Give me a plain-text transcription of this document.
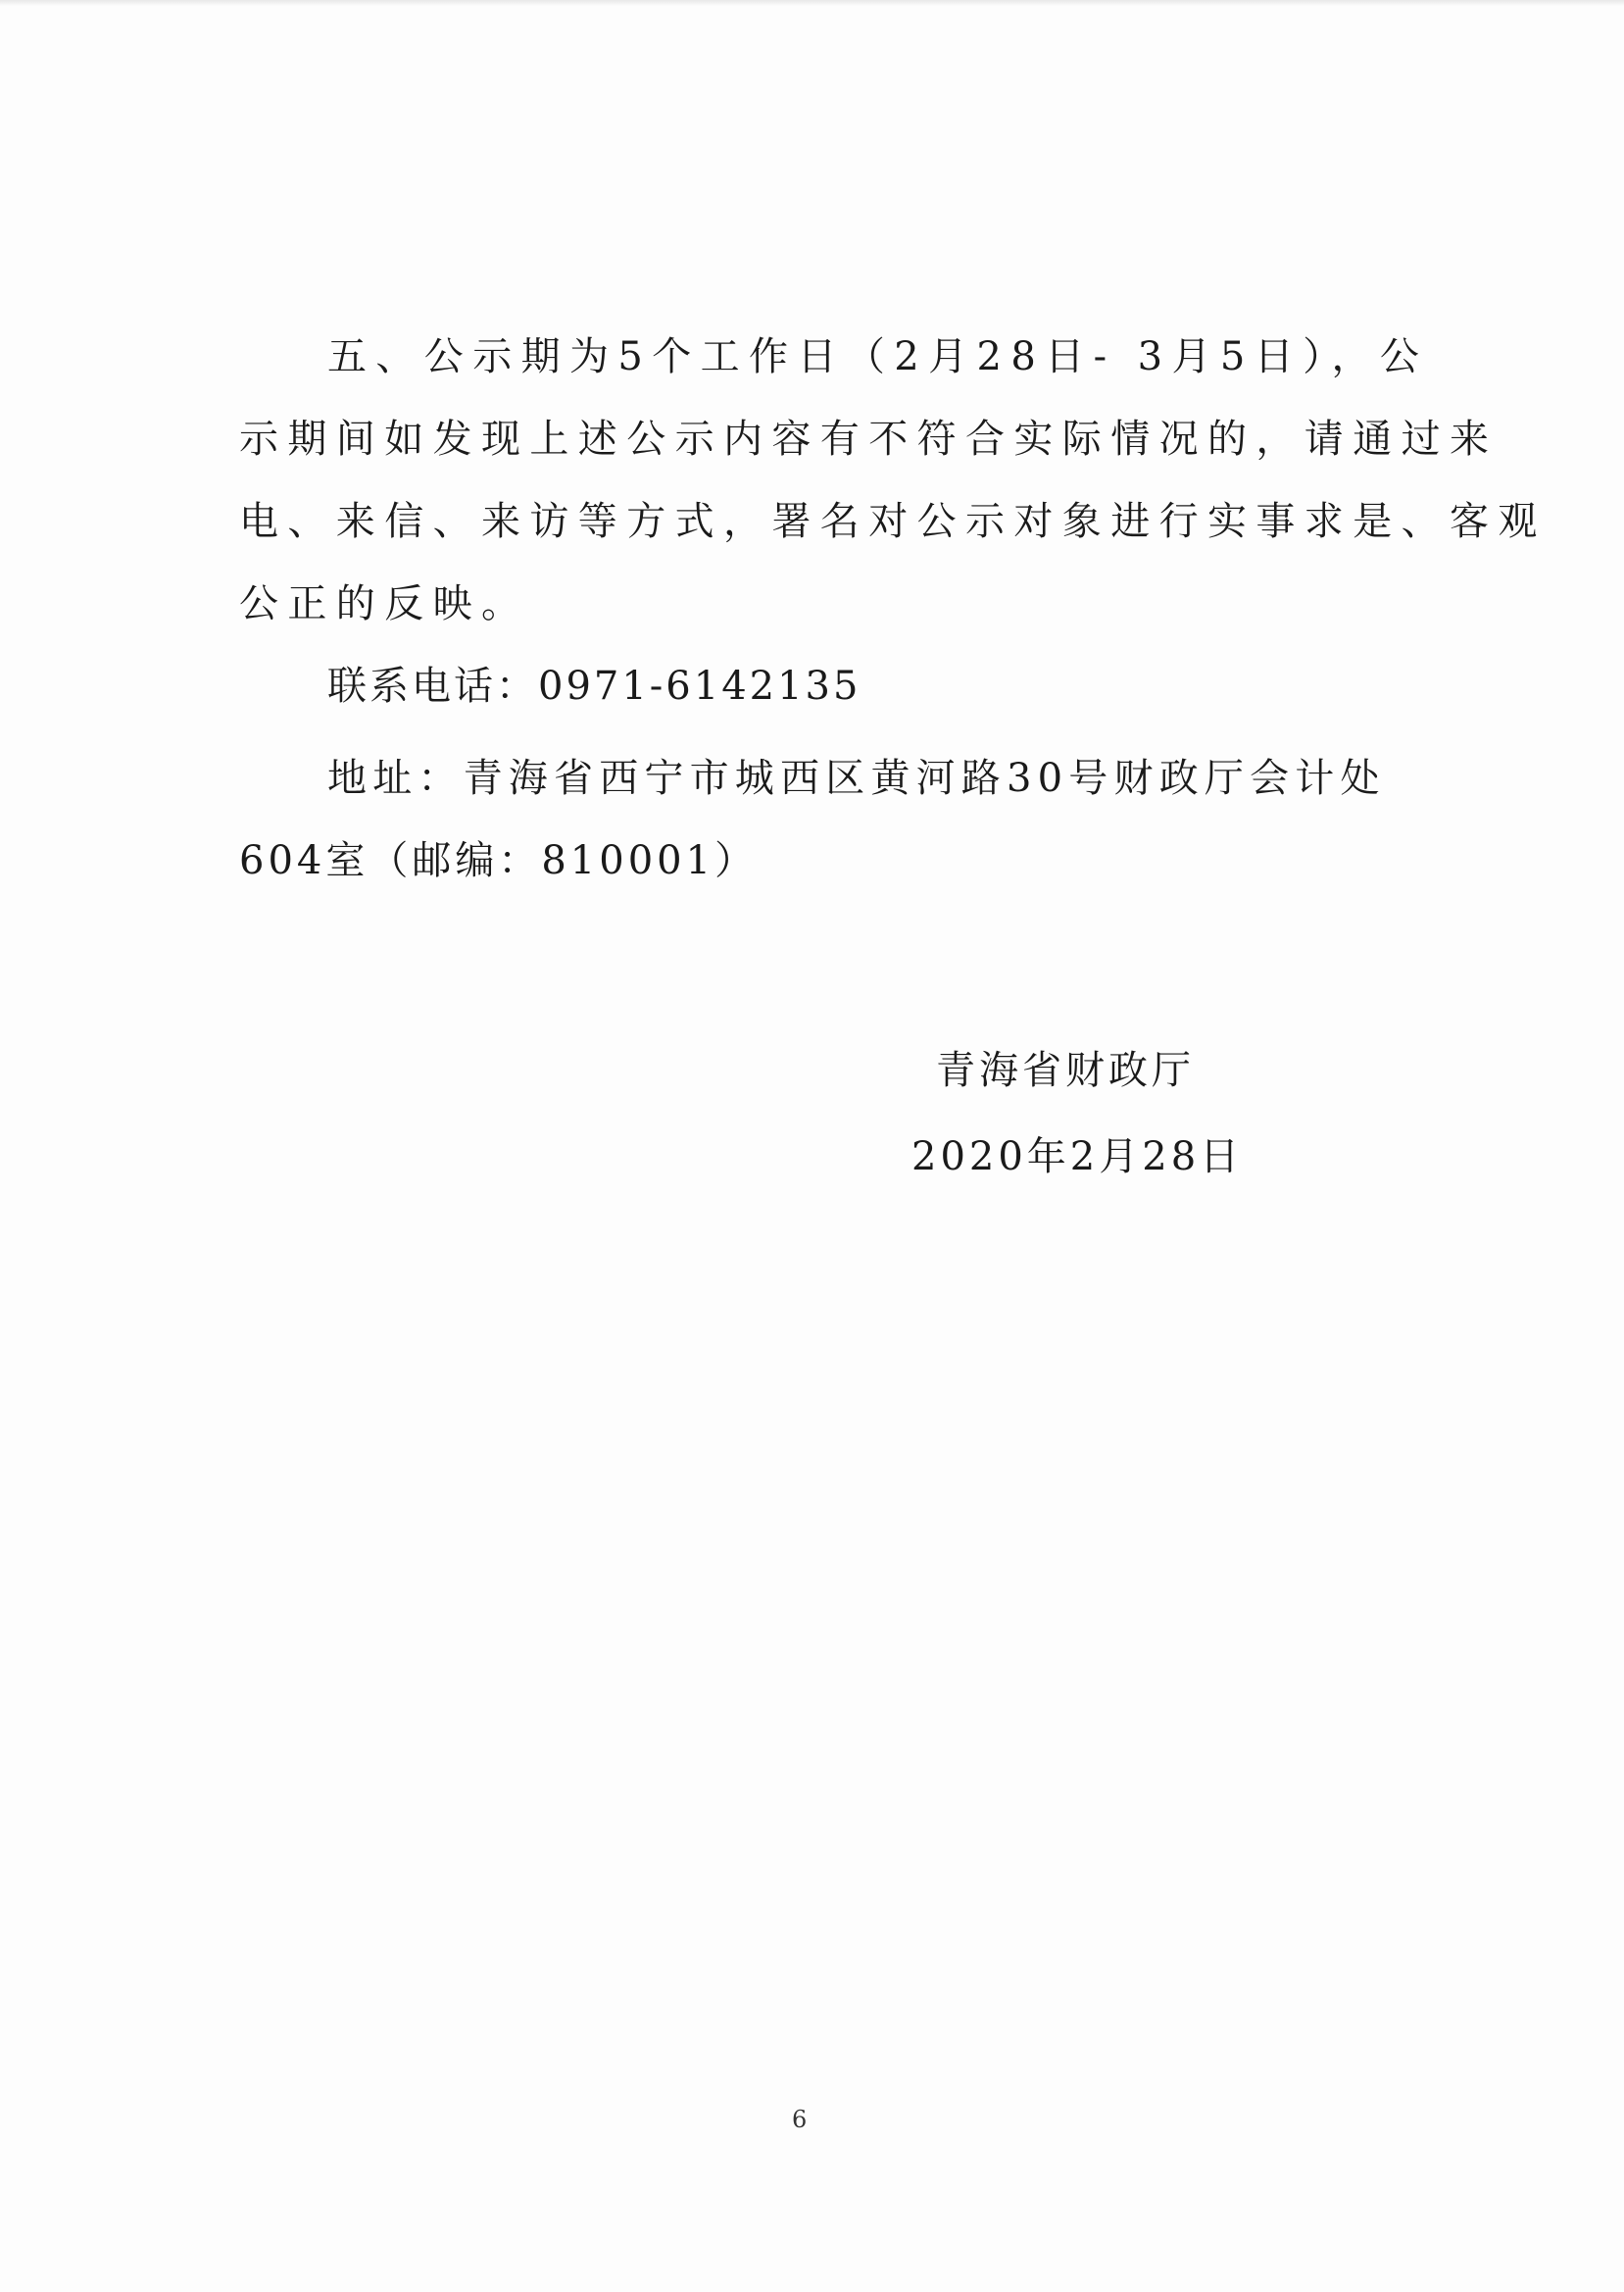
五、公示期为5个工作日（2月28日- 3月5日），公
示期间如发现上述公示内容有不符合实际情况的，请通过来
电、来信、来访等方式，署名对公示对象进行实事求是、客观
公正的反映。
联系电话：0971-6142135
地址：青海省西宁市城西区黄河路30号财政厅会计处
604室（邮编：810001）
青海省财政厅
2020年2月28日
6
